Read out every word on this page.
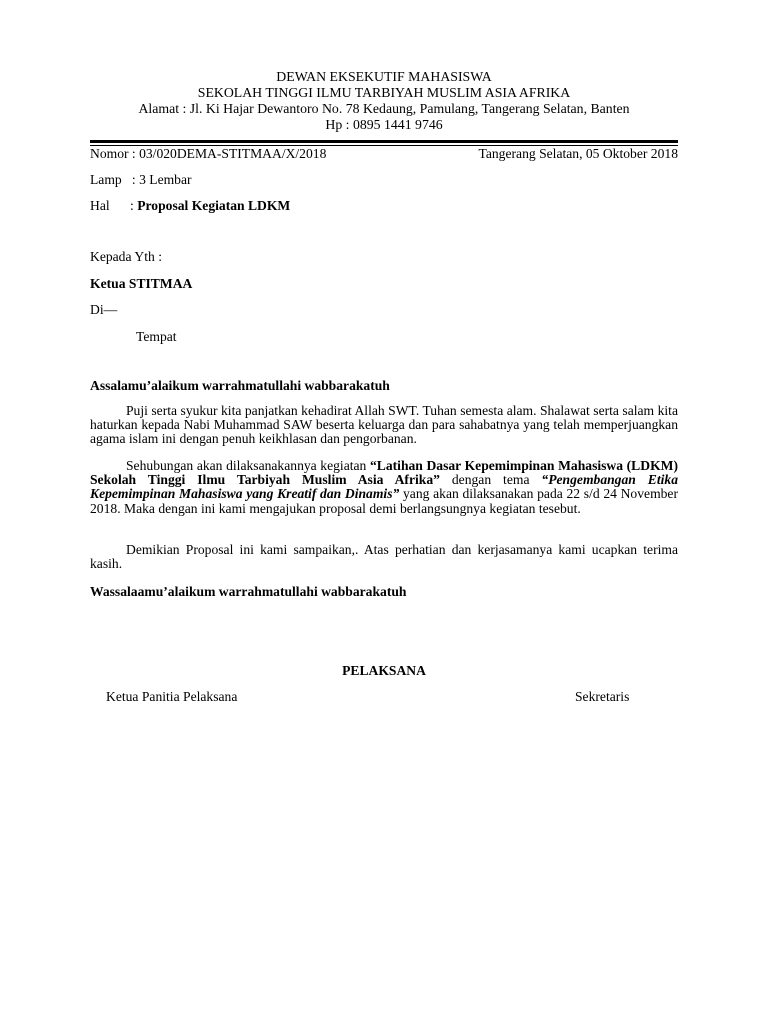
DEWAN EKSEKUTIF MAHASISWA
SEKOLAH TINGGI ILMU TARBIYAH MUSLIM ASIA AFRIKA
Alamat : Jl. Ki Hajar Dewantoro No. 78 Kedaung, Pamulang, Tangerang Selatan, Banten
Hp : 0895 1441 9746
Nomor : 03/020DEMA-STITMAA/X/2018	Tangerang Selatan, 05 Oktober 2018
Lamp   : 3 Lembar
Hal      : Proposal Kegiatan LDKM
Kepada Yth :
Ketua STITMAA
Di—
Tempat
Assalamu’alaikum warrahmatullahi wabbarakatuh
Puji serta syukur kita panjatkan kehadirat Allah SWT. Tuhan semesta alam. Shalawat serta salam kita haturkan kepada Nabi Muhammad SAW beserta keluarga dan para sahabatnya yang telah memperjuangkan agama islam ini dengan penuh keikhlasan dan pengorbanan.
Sehubungan akan dilaksanakannya kegiatan “Latihan Dasar Kepemimpinan Mahasiswa (LDKM) Sekolah Tinggi Ilmu Tarbiyah Muslim Asia Afrika” dengan tema “Pengembangan Etika Kepemimpinan Mahasiswa yang Kreatif dan Dinamis” yang akan dilaksanakan pada 22 s/d 24 November 2018. Maka dengan ini kami mengajukan proposal demi berlangsungnya kegiatan tesebut.
Demikian Proposal ini kami sampaikan,. Atas perhatian dan kerjasamanya kami ucapkan terima kasih.
Wassalaamu’alaikum warrahmatullahi wabbarakatuh
PELAKSANA
Ketua Panitia Pelaksana	Sekretaris
